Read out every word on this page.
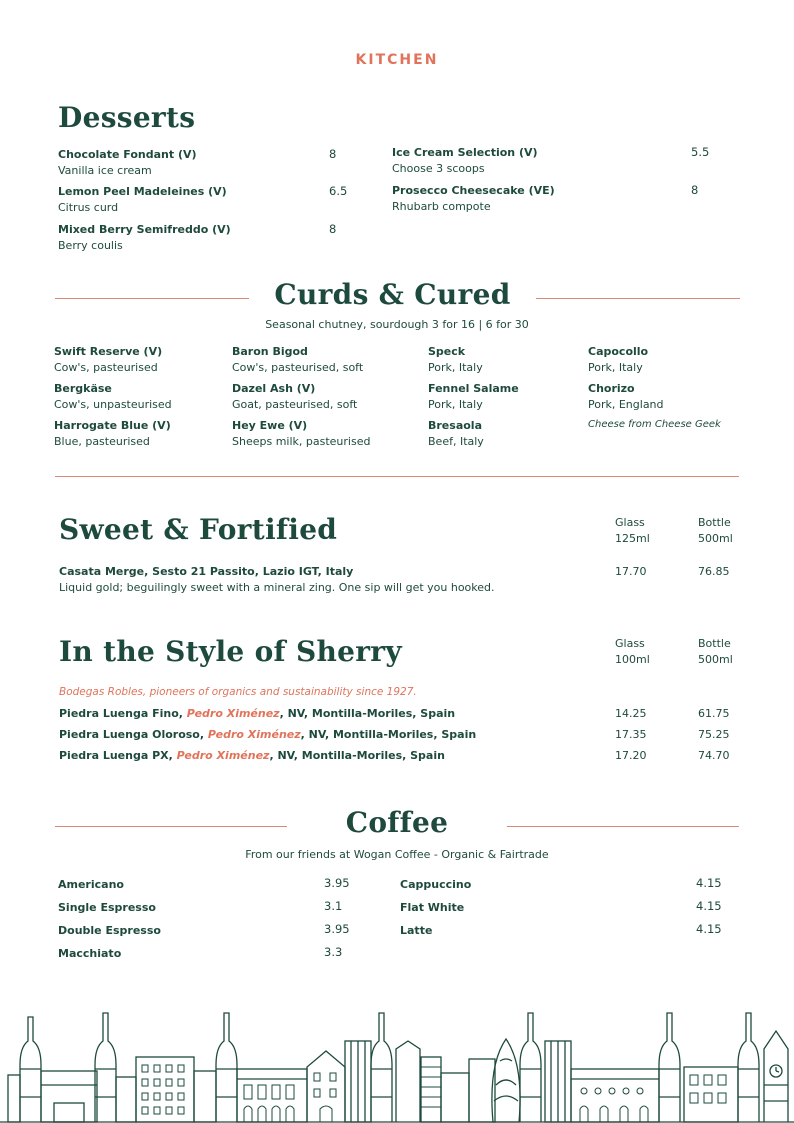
KITCHEN
Desserts
Chocolate Fondant (V)
Vanilla ice cream
8
Lemon Peel Madeleines (V)
Citrus curd
6.5
Mixed Berry Semifreddo (V)
Berry coulis
8
Ice Cream Selection (V)
Choose 3 scoops
5.5
Prosecco Cheesecake (VE)
Rhubarb compote
8
Curds & Cured
Seasonal chutney, sourdough 3 for 16 | 6 for 30
Swift Reserve (V)
Cow's, pasteurised
Bergkäse
Cow's, unpasteurised
Harrogate Blue (V)
Blue, pasteurised
Baron Bigod
Cow's, pasteurised, soft
Dazel Ash (V)
Goat, pasteurised, soft
Hey Ewe (V)
Sheeps milk, pasteurised
Speck
Pork, Italy
Fennel Salame
Pork, Italy
Bresaola
Beef, Italy
Capocollo
Pork, Italy
Chorizo
Pork, England
Cheese from Cheese Geek
Sweet & Fortified	Glass
125ml
Bottle
500ml
Casata Merge, Sesto 21 Passito, Lazio IGT, Italy
Liquid gold; beguilingly sweet with a mineral zing. One sip will get you hooked.
17.70	76.85
In the Style of Sherry	Glass
100ml
Bottle
500ml
Bodegas Robles, pioneers of organics and sustainability since 1927.
Piedra Luenga Fino, Pedro Ximénez, NV, Montilla-Moriles, Spain	14.25	61.75
Piedra Luenga Oloroso, Pedro Ximénez, NV, Montilla-Moriles, Spain	17.35	75.25
Piedra Luenga PX, Pedro Ximénez, NV, Montilla-Moriles, Spain	17.20	74.70
Coffee
From our friends at Wogan Coffee - Organic & Fairtrade
Americano	3.95
Single Espresso	3.1
Double Espresso	3.95
Macchiato	3.3
Cappuccino	4.15
Flat White	4.15
Latte	4.15
